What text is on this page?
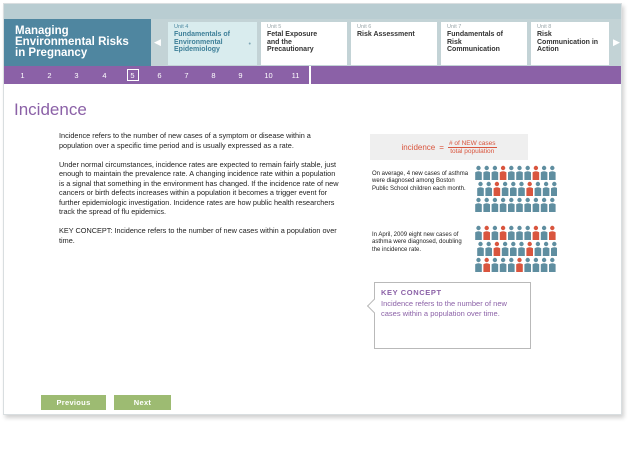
Managing
Environmental Risks
in Pregnancy
◀
Unit 4
Fundamentals of
Environmental
Epidemiology
•
Unit 5
Fetal Exposure
and the
Precautionary
Unit 6
Risk Assessment
Unit 7
Fundamentals of
Risk
Communication
Unit 8
Risk
Communication in
Action
▶
1	2	3	4	5	6	7	8	9	10	11
Incidence

Incidence refers to the number of new cases of a symptom or disease within a population over a specific time period and is usually expressed as a rate.

Under normal circumstances, incidence rates are expected to remain fairly stable, just enough to maintain the prevalence rate. A changing incidence rate within a population is a signal that something in the environment has changed. If the incidence rate of new cancers or birth defects increases within a population it becomes a trigger event for further epidemiologic investigation. Incidence rates are how public health researchers track the spread of flu epidemics.

KEY CONCEPT: Incidence refers to the number of new cases within a population over time.

incidence = $\frac{\text{\# of NEW cases}}{\text{total population}}$
On average, 4 new cases of asthma were diagnosed among Boston Public School children each month.
In April, 2009 eight new cases of asthma were diagnosed, doubling the incidence rate.
KEY CONCEPT
Incidence refers to the number of new cases within a population over time.
Previous	Next
